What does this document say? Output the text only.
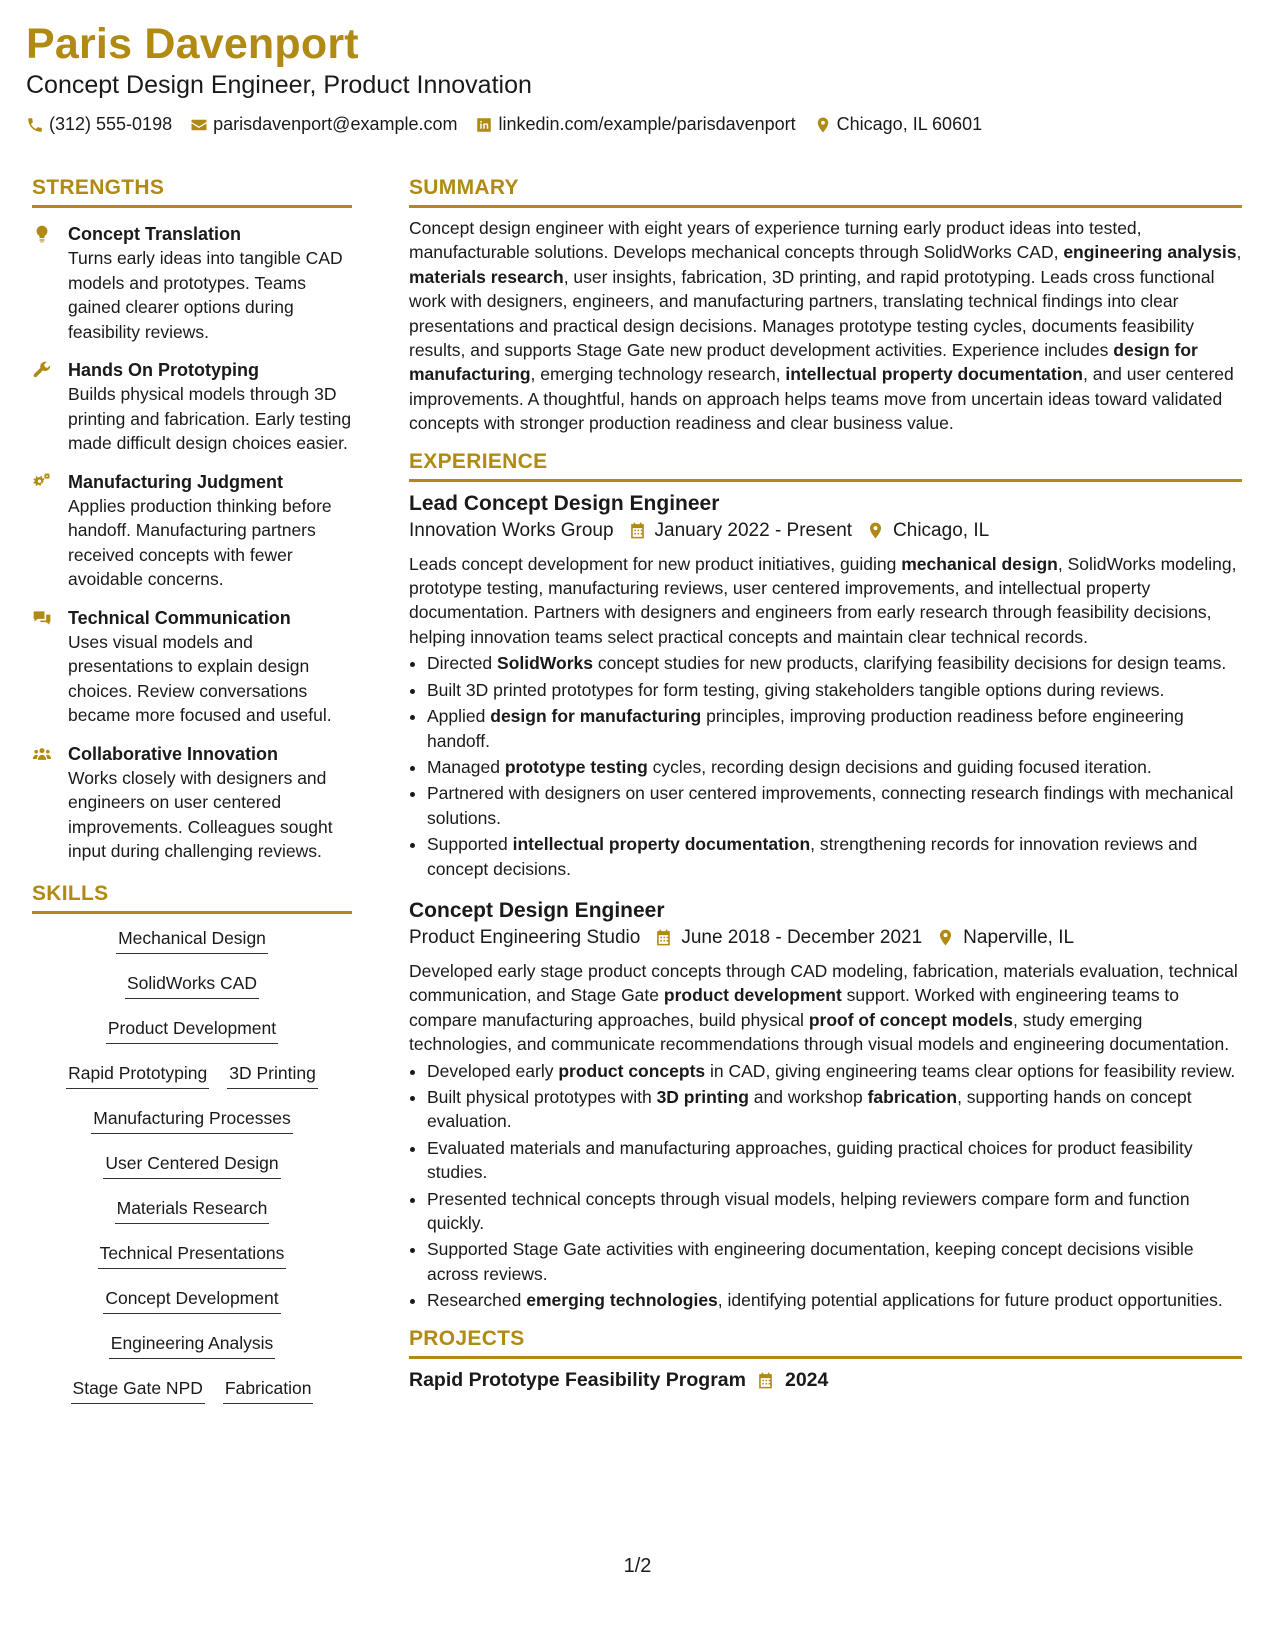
Paris Davenport
Concept Design Engineer, Product Innovation
(312) 555-0198 parisdavenport@example.com linkedin.com/example/parisdavenport Chicago, IL 60601
STRENGTHS
Concept Translation
Turns early ideas into tangible CAD models and prototypes. Teams gained clearer options during feasibility reviews.
Hands On Prototyping
Builds physical models through 3D printing and fabrication. Early testing made difficult design choices easier.
Manufacturing Judgment
Applies production thinking before handoff. Manufacturing partners received concepts with fewer avoidable concerns.
Technical Communication
Uses visual models and presentations to explain design choices. Review conversations became more focused and useful.
Collaborative Innovation
Works closely with designers and engineers on user centered improvements. Colleagues sought input during challenging reviews.
SKILLS
Mechanical Design
SolidWorks CAD
Product Development
Rapid Prototyping 3D Printing
Manufacturing Processes
User Centered Design
Materials Research
Technical Presentations
Concept Development
Engineering Analysis
Stage Gate NPD Fabrication
SUMMARY
Concept design engineer with eight years of experience turning early product ideas into tested, manufacturable solutions. Develops mechanical concepts through SolidWorks CAD, engineering analysis, materials research, user insights, fabrication, 3D printing, and rapid prototyping. Leads cross functional work with designers, engineers, and manufacturing partners, translating technical findings into clear presentations and practical design decisions. Manages prototype testing cycles, documents feasibility results, and supports Stage Gate new product development activities. Experience includes design for manufacturing, emerging technology research, intellectual property documentation, and user centered improvements. A thoughtful, hands on approach helps teams move from uncertain ideas toward validated concepts with stronger production readiness and clear business value.
EXPERIENCE
Lead Concept Design Engineer
Innovation Works Group January 2022 - Present Chicago, IL
Leads concept development for new product initiatives, guiding mechanical design, SolidWorks modeling, prototype testing, manufacturing reviews, user centered improvements, and intellectual property documentation. Partners with designers and engineers from early research through feasibility decisions, helping innovation teams select practical concepts and maintain clear technical records.
• Directed SolidWorks concept studies for new products, clarifying feasibility decisions for design teams.
• Built 3D printed prototypes for form testing, giving stakeholders tangible options during reviews.
• Applied design for manufacturing principles, improving production readiness before engineering handoff.
• Managed prototype testing cycles, recording design decisions and guiding focused iteration.
• Partnered with designers on user centered improvements, connecting research findings with mechanical solutions.
• Supported intellectual property documentation, strengthening records for innovation reviews and concept decisions.
Concept Design Engineer
Product Engineering Studio June 2018 - December 2021 Naperville, IL
Developed early stage product concepts through CAD modeling, fabrication, materials evaluation, technical communication, and Stage Gate product development support. Worked with engineering teams to compare manufacturing approaches, build physical proof of concept models, study emerging technologies, and communicate recommendations through visual models and engineering documentation.
• Developed early product concepts in CAD, giving engineering teams clear options for feasibility review.
• Built physical prototypes with 3D printing and workshop fabrication, supporting hands on concept evaluation.
• Evaluated materials and manufacturing approaches, guiding practical choices for product feasibility studies.
• Presented technical concepts through visual models, helping reviewers compare form and function quickly.
• Supported Stage Gate activities with engineering documentation, keeping concept decisions visible across reviews.
• Researched emerging technologies, identifying potential applications for future product opportunities.
PROJECTS
Rapid Prototype Feasibility Program 2024
1/2
